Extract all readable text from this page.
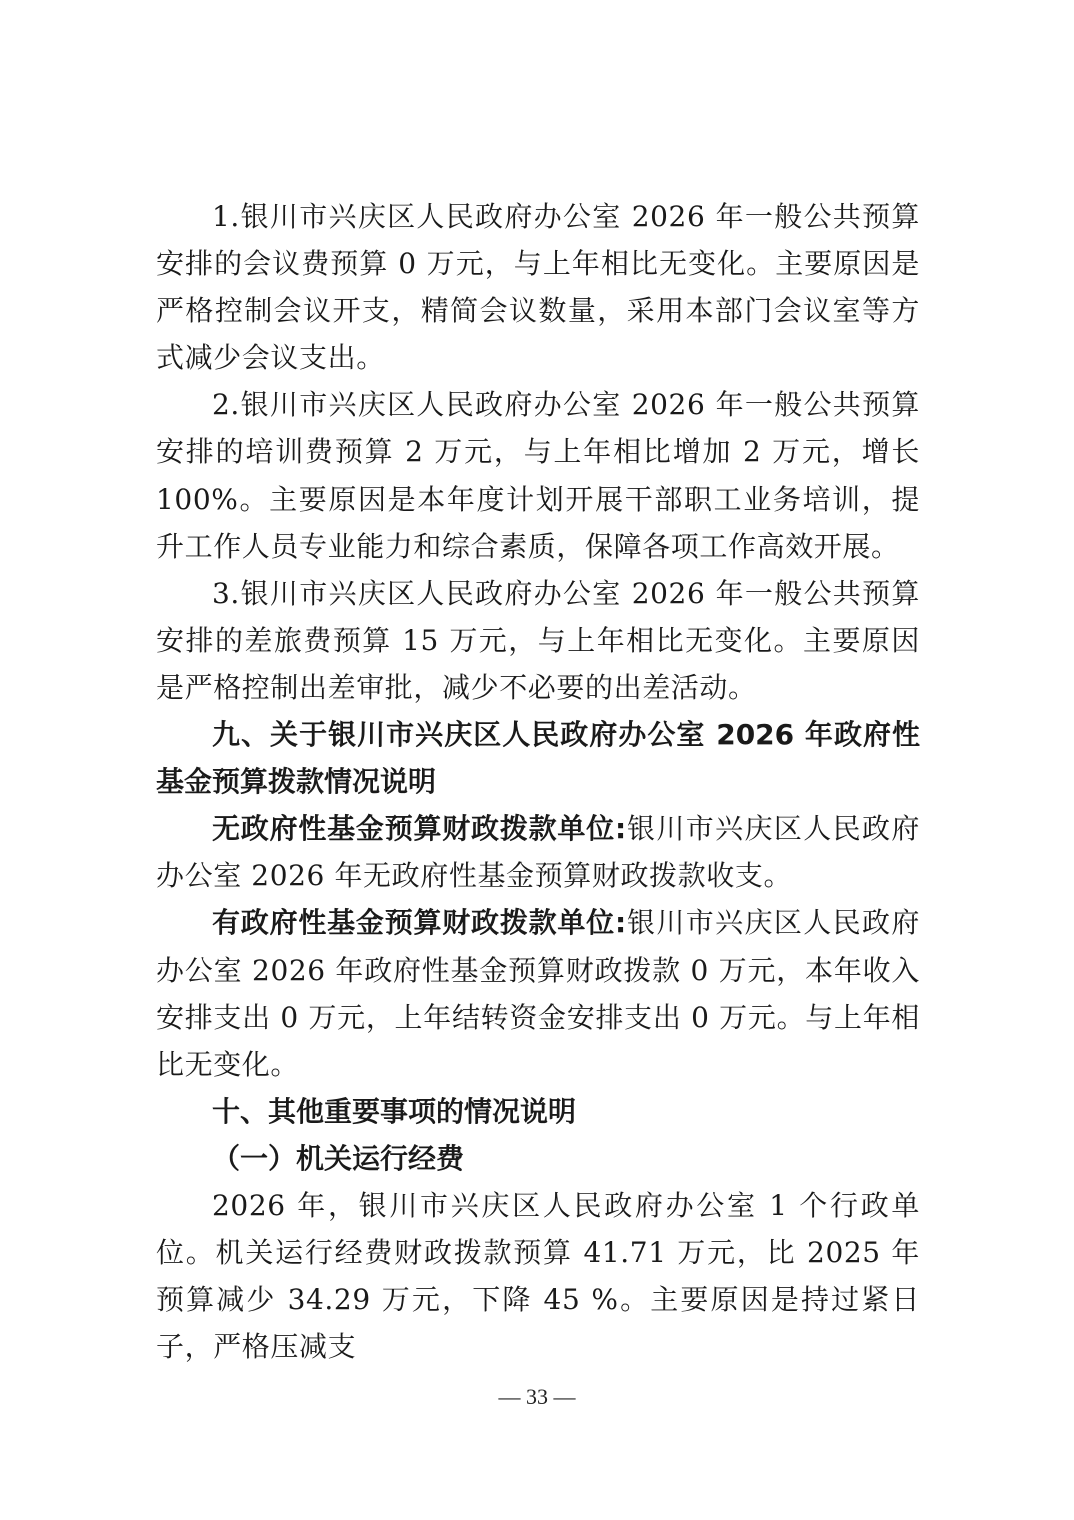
1.银川市兴庆区人民政府办公室 2026 年一般公共预算安排的会议费预算 0 万元，与上年相比无变化。主要原因是严格控制会议开支，精简会议数量，采用本部门会议室等方式减少会议支出。

2.银川市兴庆区人民政府办公室 2026 年一般公共预算安排的培训费预算 2 万元，与上年相比增加 2 万元，增长100%。主要原因是本年度计划开展干部职工业务培训，提升工作人员专业能力和综合素质，保障各项工作高效开展。

3.银川市兴庆区人民政府办公室 2026 年一般公共预算安排的差旅费预算 15 万元，与上年相比无变化。主要原因是严格控制出差审批，减少不必要的出差活动。

九、关于银川市兴庆区人民政府办公室 2026 年政府性基金预算拨款情况说明

无政府性基金预算财政拨款单位:银川市兴庆区人民政府办公室 2026 年无政府性基金预算财政拨款收支。

有政府性基金预算财政拨款单位:银川市兴庆区人民政府办公室 2026 年政府性基金预算财政拨款 0 万元，本年收入安排支出 0 万元，上年结转资金安排支出 0 万元。与上年相比无变化。

十、其他重要事项的情况说明

（一）机关运行经费

2026 年，银川市兴庆区人民政府办公室 1 个行政单位。机关运行经费财政拨款预算 41.71 万元，比 2025 年预算减少 34.29 万元，下降 45 %。主要原因是持过紧日子，严格压减支

— 33 —
